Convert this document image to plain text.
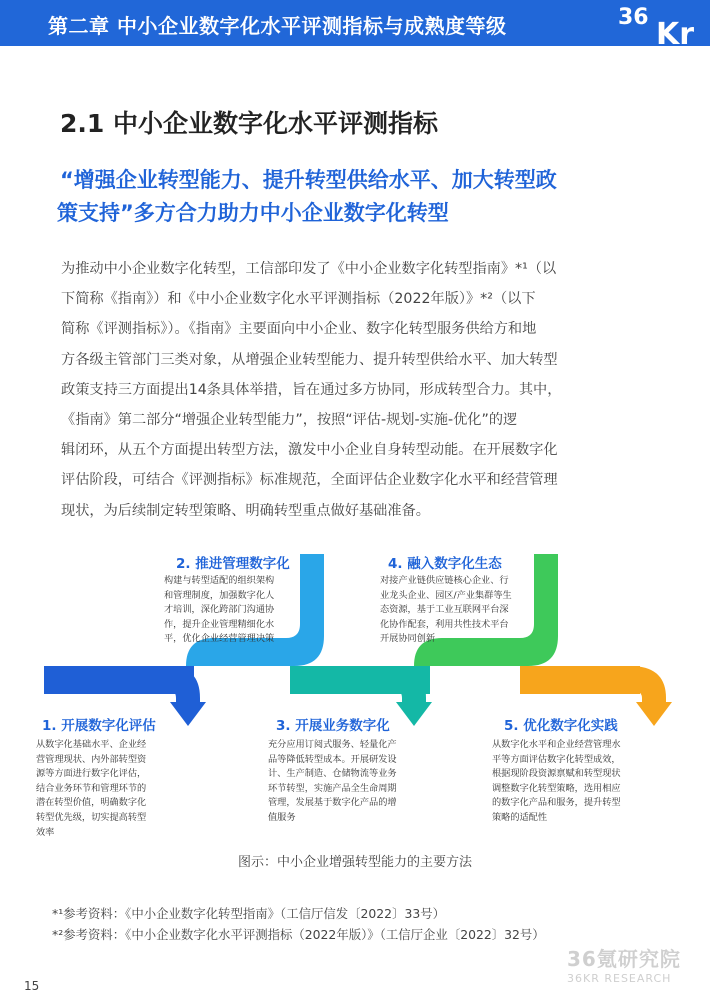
第二章 中小企业数字化水平评测指标与成熟度等级	36 Kr
2.1 中小企业数字化水平评测指标
“增强企业转型能力、提升转型供给水平、加大转型政
策支持”多方合力助力中小企业数字化转型
为推动中小企业数字化转型，工信部印发了《中小企业数字化转型指南》*¹（以
下简称《指南》）和《中小企业数字化水平评测指标（2022年版）》*²（以下
简称《评测指标》）。《指南》主要面向中小企业、数字化转型服务供给方和地
方各级主管部门三类对象，从增强企业转型能力、提升转型供给水平、加大转型
政策支持三方面提出14条具体举措，旨在通过多方协同，形成转型合力。其中，
《指南》第二部分“增强企业转型能力”，按照“评估-规划-实施-优化”的逻
辑闭环，从五个方面提出转型方法，激发中小企业自身转型动能。在开展数字化
评估阶段，可结合《评测指标》标准规范，全面评估企业数字化水平和经营管理
现状，为后续制定转型策略、明确转型重点做好基础准备。
1. 开展数字化评估
从数字化基础水平、企业经
营管理现状、内外部转型资
源等方面进行数字化评估，
结合业务环节和管理环节的
潜在转型价值，明确数字化
转型优先级，切实提高转型
效率
2. 推进管理数字化
构建与转型适配的组织架构
和管理制度，加强数字化人
才培训，深化跨部门沟通协
作，提升企业管理精细化水
平，优化企业经营管理决策
3. 开展业务数字化
充分应用订阅式服务、轻量化产
品等降低转型成本。开展研发设
计、生产制造、仓储物流等业务
环节转型，实施产品全生命周期
管理，发展基于数字化产品的增
值服务
4. 融入数字化生态
对接产业链供应链核心企业、行
业龙头企业、园区/产业集群等生
态资源，基于工业互联网平台深
化协作配套，利用共性技术平台
开展协同创新
5. 优化数字化实践
从数字化水平和企业经营管理水
平等方面评估数字化转型成效，
根据现阶段资源禀赋和转型现状
调整数字化转型策略，选用相应
的数字化产品和服务，提升转型
策略的适配性
图示：中小企业增强转型能力的主要方法
*¹参考资料：《中小企业数字化转型指南》（工信厅信发〔2022〕33号）
*²参考资料：《中小企业数字化水平评测指标（2022年版）》（工信厅企业〔2022〕32号）
36氪研究院
36KR RESEARCH
15
